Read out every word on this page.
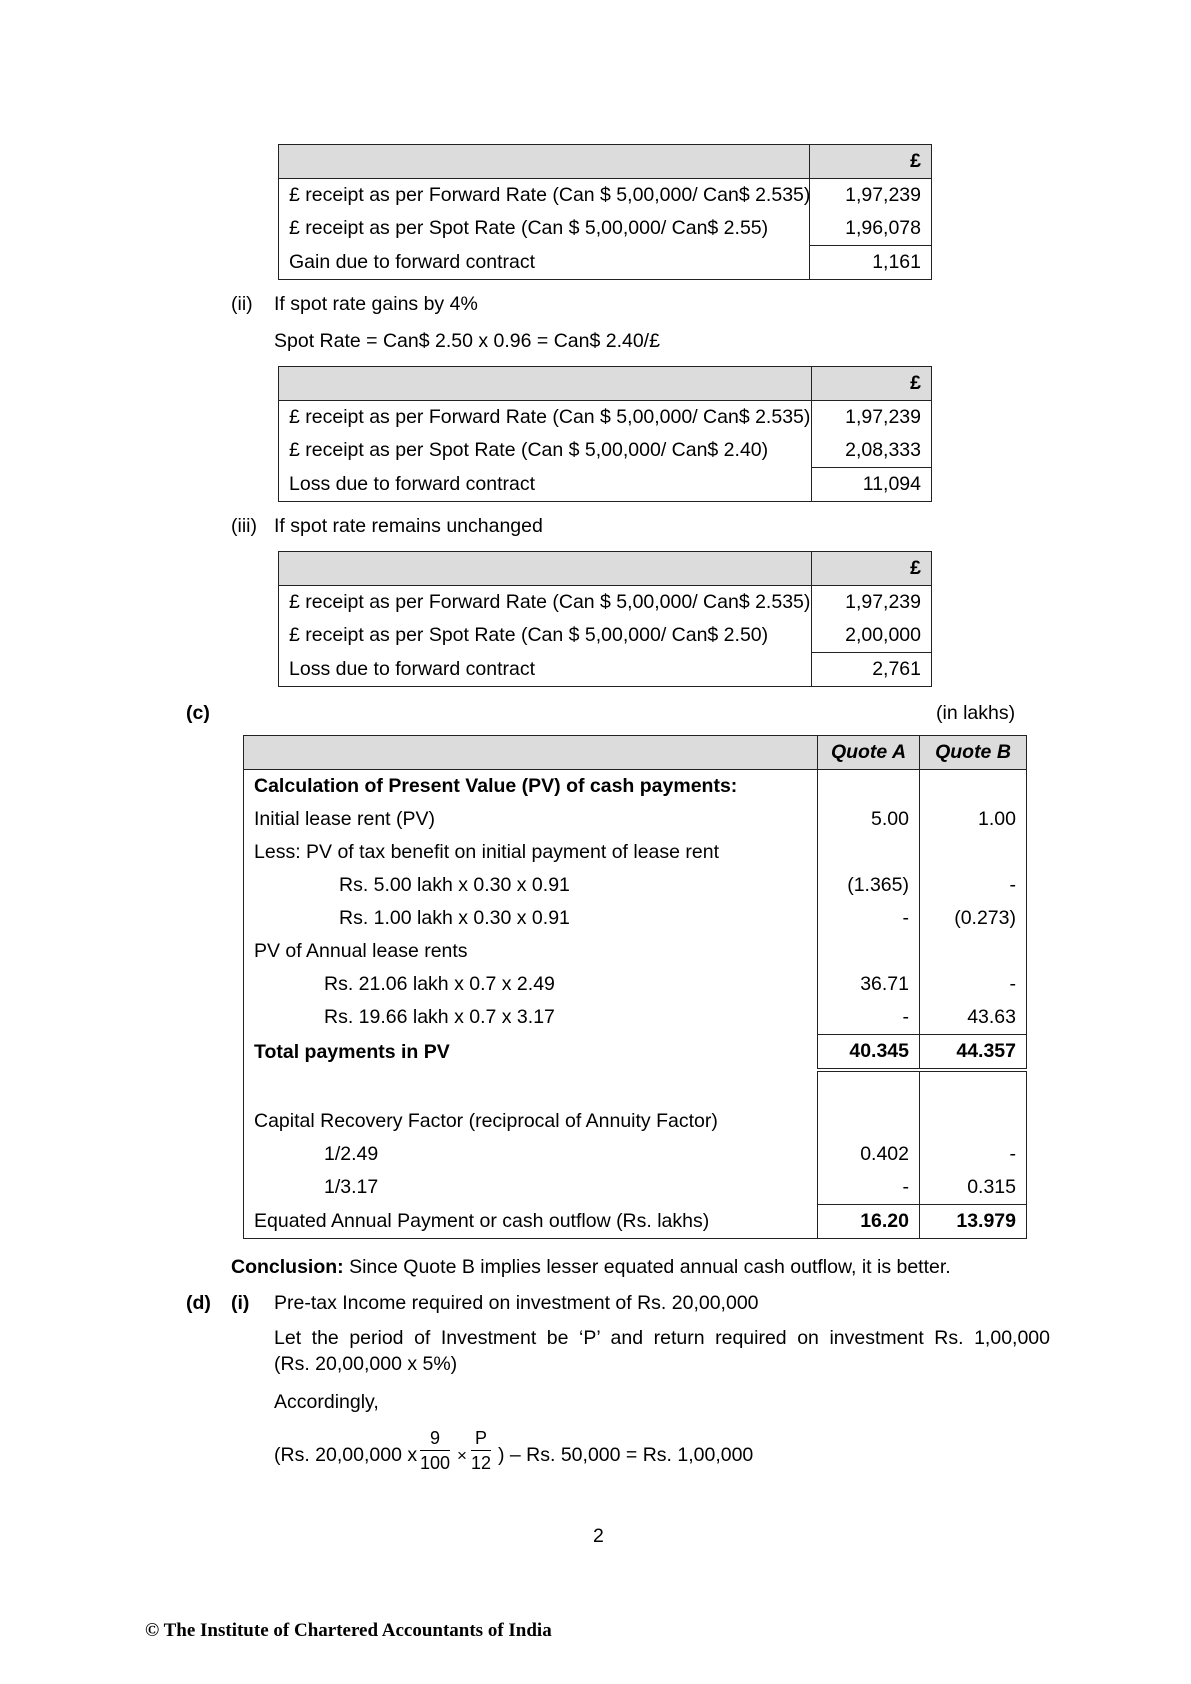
	£
£ receipt as per Forward Rate (Can $ 5,00,000/ Can$ 2.535)	1,97,239
£ receipt as per Spot Rate (Can $ 5,00,000/ Can$ 2.55)	1,96,078
Gain due to forward contract	1,161
(ii) If spot rate gains by 4%
Spot Rate = Can$ 2.50 x 0.96 = Can$ 2.40/£
	£
£ receipt as per Forward Rate (Can $ 5,00,000/ Can$ 2.535)	1,97,239
£ receipt as per Spot Rate (Can $ 5,00,000/ Can$ 2.40)	2,08,333
Loss due to forward contract	11,094
(iii) If spot rate remains unchanged
	£
£ receipt as per Forward Rate (Can $ 5,00,000/ Can$ 2.535)	1,97,239
£ receipt as per Spot Rate (Can $ 5,00,000/ Can$ 2.50)	2,00,000
Loss due to forward contract	2,761
(c)	(in lakhs)
	Quote A	Quote B
Calculation of Present Value (PV) of cash payments:		
Initial lease rent (PV)	5.00	1.00
Less: PV of tax benefit on initial payment of lease rent		
Rs. 5.00 lakh x 0.30 x 0.91	(1.365)	-
Rs. 1.00 lakh x 0.30 x 0.91	-	(0.273)
PV of Annual lease rents		
Rs. 21.06 lakh x 0.7 x 2.49	36.71	-
Rs. 19.66 lakh x 0.7 x 3.17	-	43.63
Total payments in PV	40.345	44.357

Capital Recovery Factor (reciprocal of Annuity Factor)		
1/2.49	0.402	-
1/3.17	-	0.315
Equated Annual Payment or cash outflow (Rs. lakhs)	16.20	13.979
Conclusion: Since Quote B implies lesser equated annual cash outflow, it is better.
(d) (i) Pre-tax Income required on investment of Rs. 20,00,000
Let the period of Investment be ‘P’ and return required on investment Rs. 1,00,000
(Rs. 20,00,000 x 5%)
Accordingly,
(Rs. 20,00,000 x $\frac{9}{100} \times \frac{P}{12}$ ) – Rs. 50,000 = Rs. 1,00,000
2
© The Institute of Chartered Accountants of India
